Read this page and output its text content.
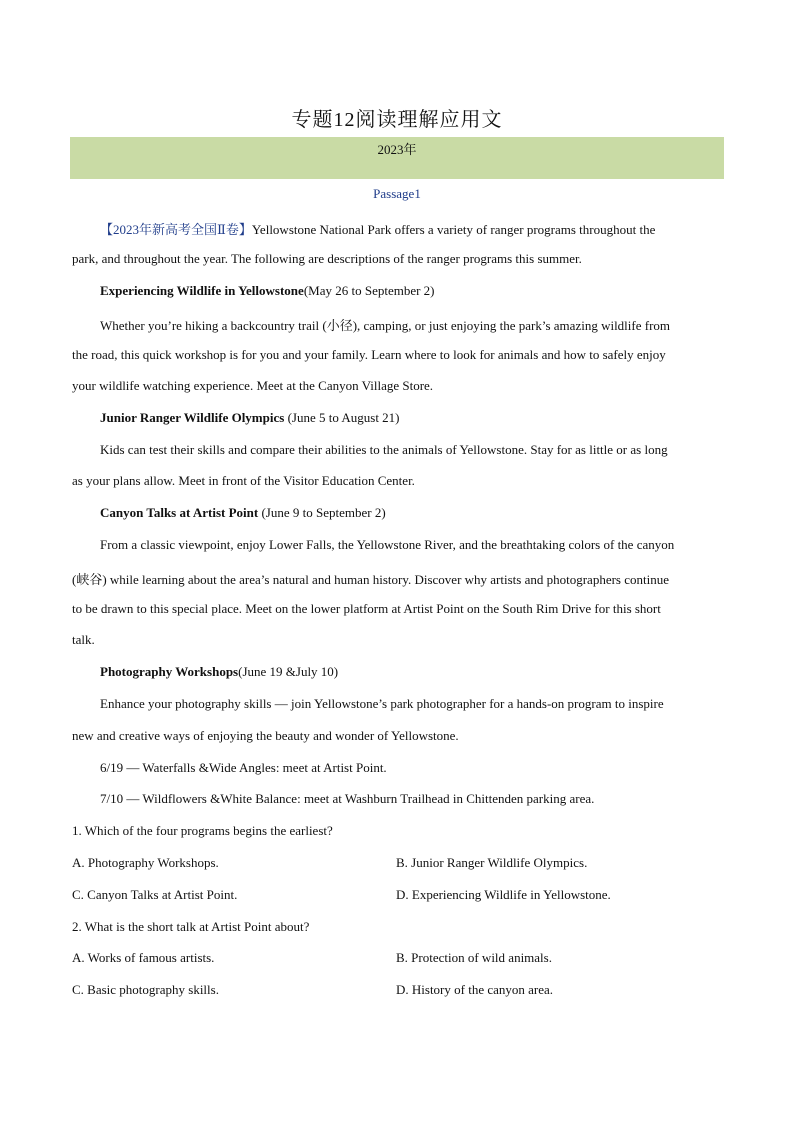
专题12阅读理解应用文
2023年
Passage1
【2023年新高考全国Ⅱ卷】Yellowstone National Park offers a variety of ranger programs throughout the
park, and throughout the year. The following are descriptions of the ranger programs this summer.
Experiencing Wildlife in Yellowstone(May 26 to September 2)
Whether you’re hiking a backcountry trail (小径), camping, or just enjoying the park’s amazing wildlife from
the road, this quick workshop is for you and your family. Learn where to look for animals and how to safely enjoy
your wildlife watching experience. Meet at the Canyon Village Store.
Junior Ranger Wildlife Olympics (June 5 to August 21)
Kids can test their skills and compare their abilities to the animals of Yellowstone. Stay for as little or as long
as your plans allow. Meet in front of the Visitor Education Center.
Canyon Talks at Artist Point (June 9 to September 2)
From a classic viewpoint, enjoy Lower Falls, the Yellowstone River, and the breathtaking colors of the canyon
(峡谷) while learning about the area’s natural and human history. Discover why artists and photographers continue
to be drawn to this special place. Meet on the lower platform at Artist Point on the South Rim Drive for this short
talk.
Photography Workshops(June 19 &July 10)
Enhance your photography skills — join Yellowstone’s park photographer for a hands-on program to inspire
new and creative ways of enjoying the beauty and wonder of Yellowstone.
6/19 — Waterfalls &Wide Angles: meet at Artist Point.
7/10 — Wildflowers &White Balance: meet at Washburn Trailhead in Chittenden parking area.
1. Which of the four programs begins the earliest?
A. Photography Workshops.	B. Junior Ranger Wildlife Olympics.
C. Canyon Talks at Artist Point.	D. Experiencing Wildlife in Yellowstone.
2. What is the short talk at Artist Point about?
A. Works of famous artists.	B. Protection of wild animals.
C. Basic photography skills.	D. History of the canyon area.
